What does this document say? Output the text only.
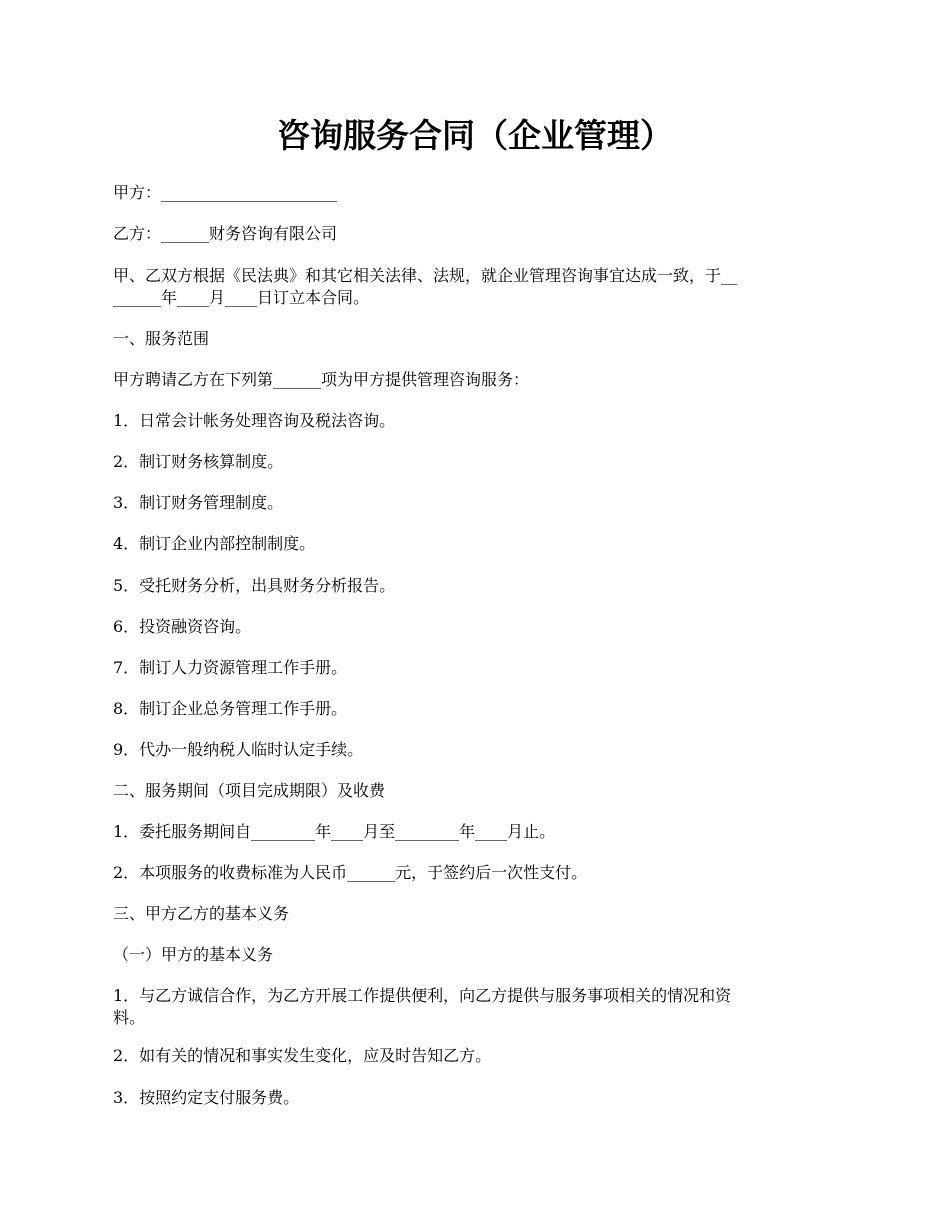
咨询服务合同（企业管理）
甲方：______________________
乙方：______财务咨询有限公司
甲、乙双方根据《民法典》和其它相关法律、法规，就企业管理咨询事宜达成一致，于__
______年____月____日订立本合同。
一、服务范围
甲方聘请乙方在下列第______项为甲方提供管理咨询服务：
1．日常会计帐务处理咨询及税法咨询。
2．制订财务核算制度。
3．制订财务管理制度。
4．制订企业内部控制制度。
5．受托财务分析，出具财务分析报告。
6．投资融资咨询。
7．制订人力资源管理工作手册。
8．制订企业总务管理工作手册。
9．代办一般纳税人临时认定手续。
二、服务期间（项目完成期限）及收费
1．委托服务期间自________年____月至________年____月止。
2．本项服务的收费标准为人民币______元，于签约后一次性支付。
三、甲方乙方的基本义务
（一）甲方的基本义务
1．与乙方诚信合作，为乙方开展工作提供便利，向乙方提供与服务事项相关的情况和资
料。
2．如有关的情况和事实发生变化，应及时告知乙方。
3．按照约定支付服务费。
